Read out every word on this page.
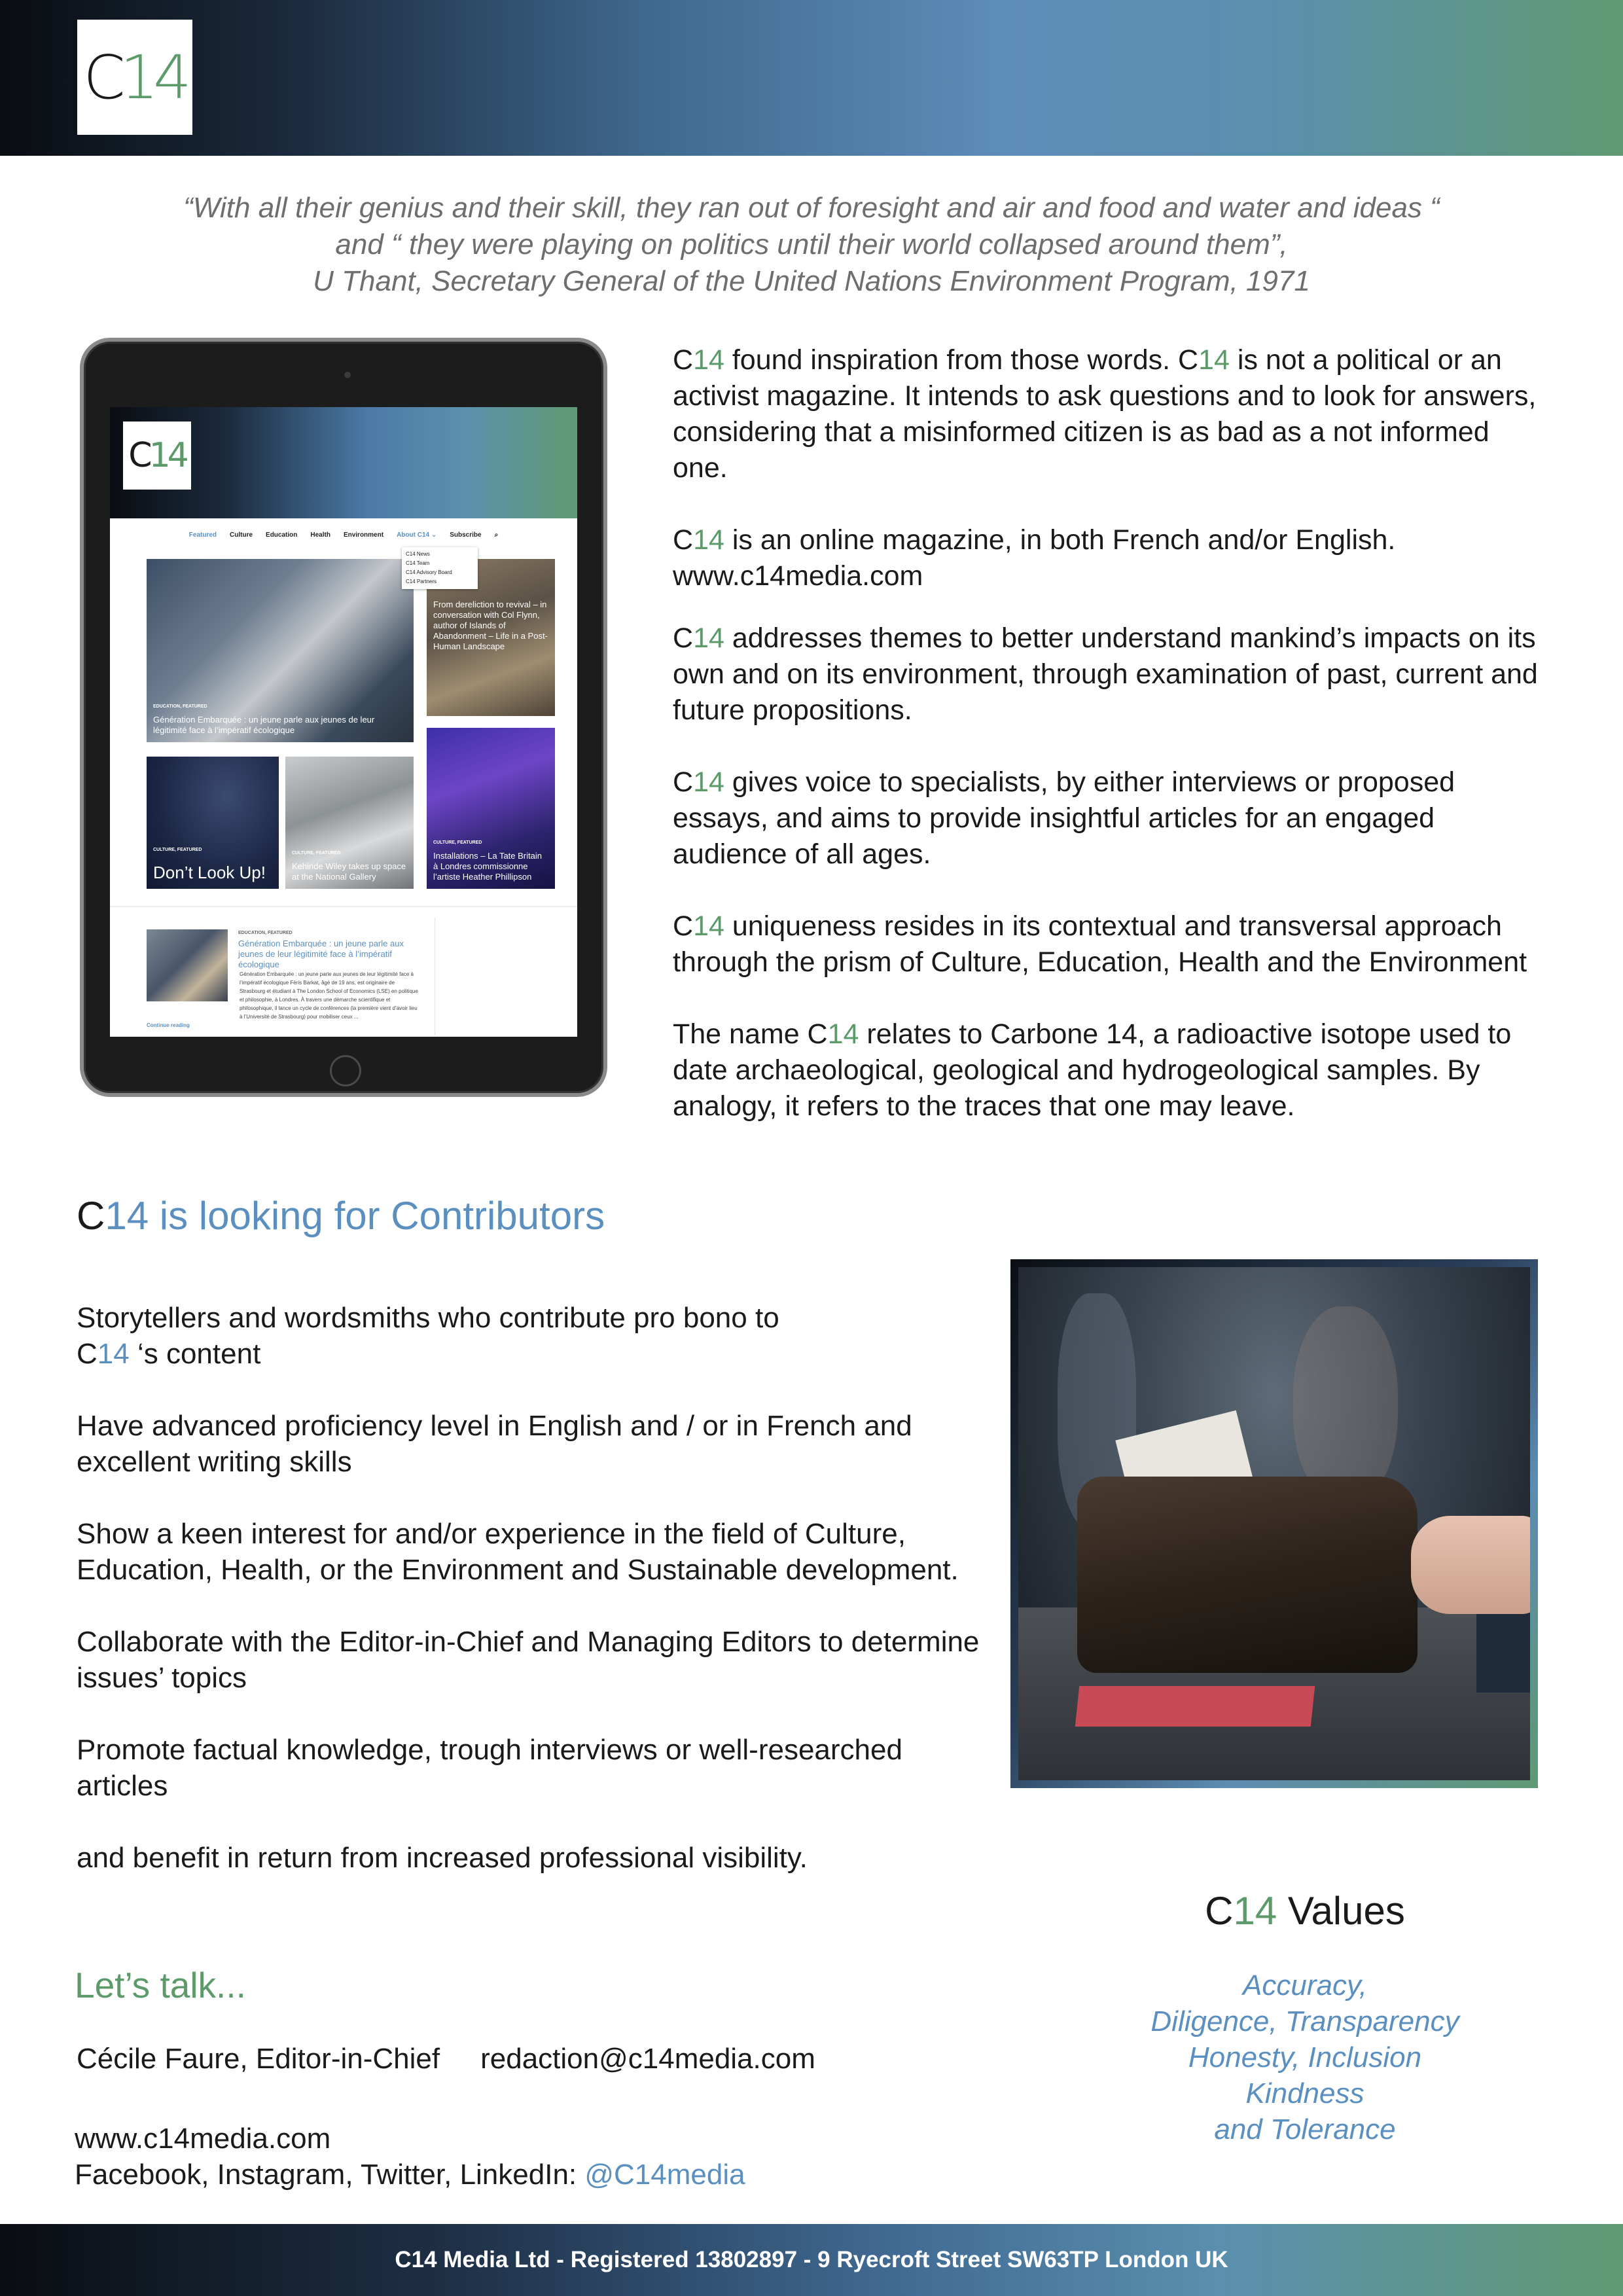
C14
“With all their genius and their skill, they ran out of foresight and air and food and water and ideas “
and “ they were playing on politics until their world collapsed around them”,
U Thant, Secretary General of the United Nations Environment Program, 1971
C14
Featured Culture Education Health Environment About C14 ⌄ Subscribe ⌕
EDUCATION, FEATURED
Génération Embarquée : un jeune parle aux jeunes de leur légitimité face à l’impératif écologique
From dereliction to revival – in conversation with Col Flynn, author of Islands of Abandonment – Life in a Post-Human Landscape
CULTURE, FEATURED
Don’t Look Up!
CULTURE, FEATURED
Kehinde Wiley takes up space at the National Gallery
CULTURE, FEATURED
Installations – La Tate Britain à Londres commissionne l’artiste Heather Phillipson
C14 News
C14 Team
C14 Advisory Board
C14 Partners
EDUCATION, FEATURED
Génération Embarquée : un jeune parle aux jeunes de leur légitimité face à l’impératif écologique
Génération Embarquée : un jeune parle aux jeunes de leur légitimité face à l’impératif écologique Fèris Barkat, âgé de 19 ans, est originaire de Strasbourg et étudiant à The London School of Economics (LSE) en politique et philosophie, à Londres. À travers une démarche scientifique et philosophique, il lance un cycle de conférences (la première vient d’avoir lieu à l’Université de Strasbourg) pour mobiliser ceux ...
Continue reading

C14 found inspiration from those words. C14 is not a political or an activist magazine. It intends to ask questions and to look for answers, considering that a misinformed citizen is as bad as a not informed one.

C14 is an online magazine, in both French and/or English.
www.c14media.com

C14 addresses themes to better understand mankind’s impacts on its own and on its environment, through examination of past, current and future propositions.

C14 gives voice to specialists, by either interviews or proposed essays, and aims to provide insightful articles for an engaged audience of all ages.

C14 uniqueness resides in its contextual and transversal approach through the prism of Culture, Education, Health and the Environment

The name C14 relates to Carbone 14, a radioactive isotope used to date archaeological, geological and hydrogeological samples. By analogy, it refers to the traces that one may leave.

C14 is looking for Contributors

Storytellers and wordsmiths who contribute pro bono to
C14 ‘s content

Have advanced proficiency level in English and / or in French and excellent writing skills

Show a keen interest for and/or experience in the field of Culture, Education, Health, or the Environment and Sustainable development.

Collaborate with the Editor-in-Chief and Managing Editors to determine issues’ topics

Promote factual knowledge, trough interviews or well-researched articles

and benefit in return from increased professional visibility.

Let’s talk...
Cécile Faure, Editor-in-Chief redaction@c14media.com
www.c14media.com
Facebook, Instagram, Twitter, LinkedIn: @C14media
C14 Values
Accuracy,
Diligence, Transparency
Honesty, Inclusion
Kindness
and Tolerance
C14 Media Ltd - Registered 13802897 - 9 Ryecroft Street SW63TP London UK
